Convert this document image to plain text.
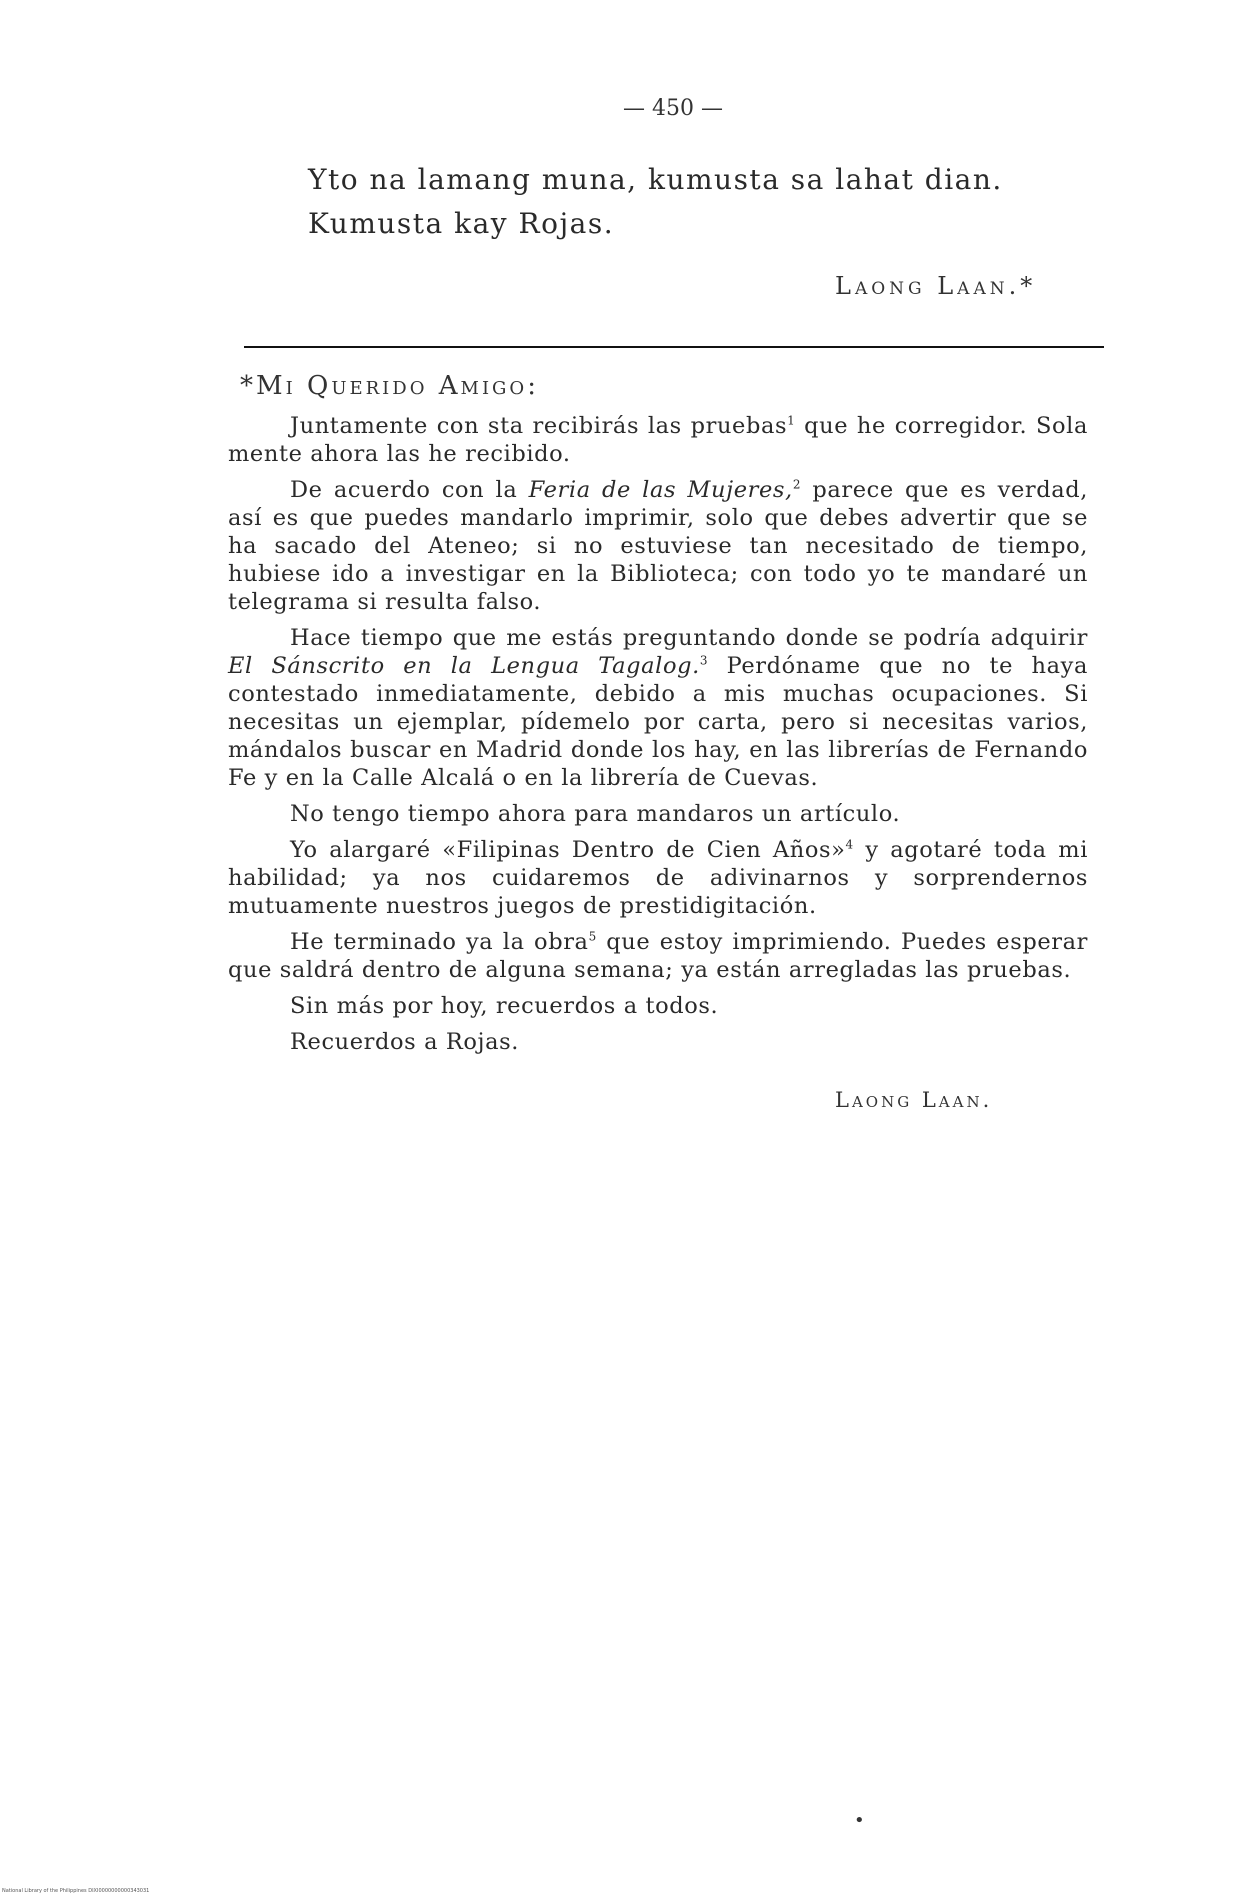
— 450 —
Yto na lamang muna, kumusta sa lahat dian.
Kumusta kay Rojas.
Laong Laan.*
*Mi Querido Amigo:

Juntamente con sta recibirás las pruebas$^1$ que he corregidor. Sola mente ahora las he recibido.

De acuerdo con la Feria de las Mujeres,$^2$ parece que es verdad, así es que puedes mandarlo imprimir, solo que debes advertir que se ha sacado del Ateneo; si no estuviese tan necesitado de tiempo, hubiese ido a investigar en la Biblioteca; con todo yo te mandaré un telegrama si resulta falso.

Hace tiempo que me estás preguntando donde se podría adquirir El Sánscrito en la Lengua Tagalog.$^3$ Perdóname que no te haya contestado inmediatamente, debido a mis muchas ocupaciones. Si necesitas un ejemplar, pídemelo por carta, pero si necesitas varios, mándalos buscar en Madrid donde los hay, en las librerías de Fernando Fe y en la Calle Alcalá o en la librería de Cuevas.

No tengo tiempo ahora para mandaros un artículo.

Yo alargaré «Filipinas Dentro de Cien Años»$^4$ y agotaré toda mi habilidad; ya nos cuidaremos de adivinarnos y sorprendernos mutuamente nuestros juegos de prestidigitación.

He terminado ya la obra$^5$ que estoy imprimiendo. Puedes esperar que saldrá dentro de alguna semana; ya están arregladas las pruebas.

Sin más por hoy, recuerdos a todos.

Recuerdos a Rojas.

Laong Laan.
•
National Library of the Philippines DIXI0000000000343031
